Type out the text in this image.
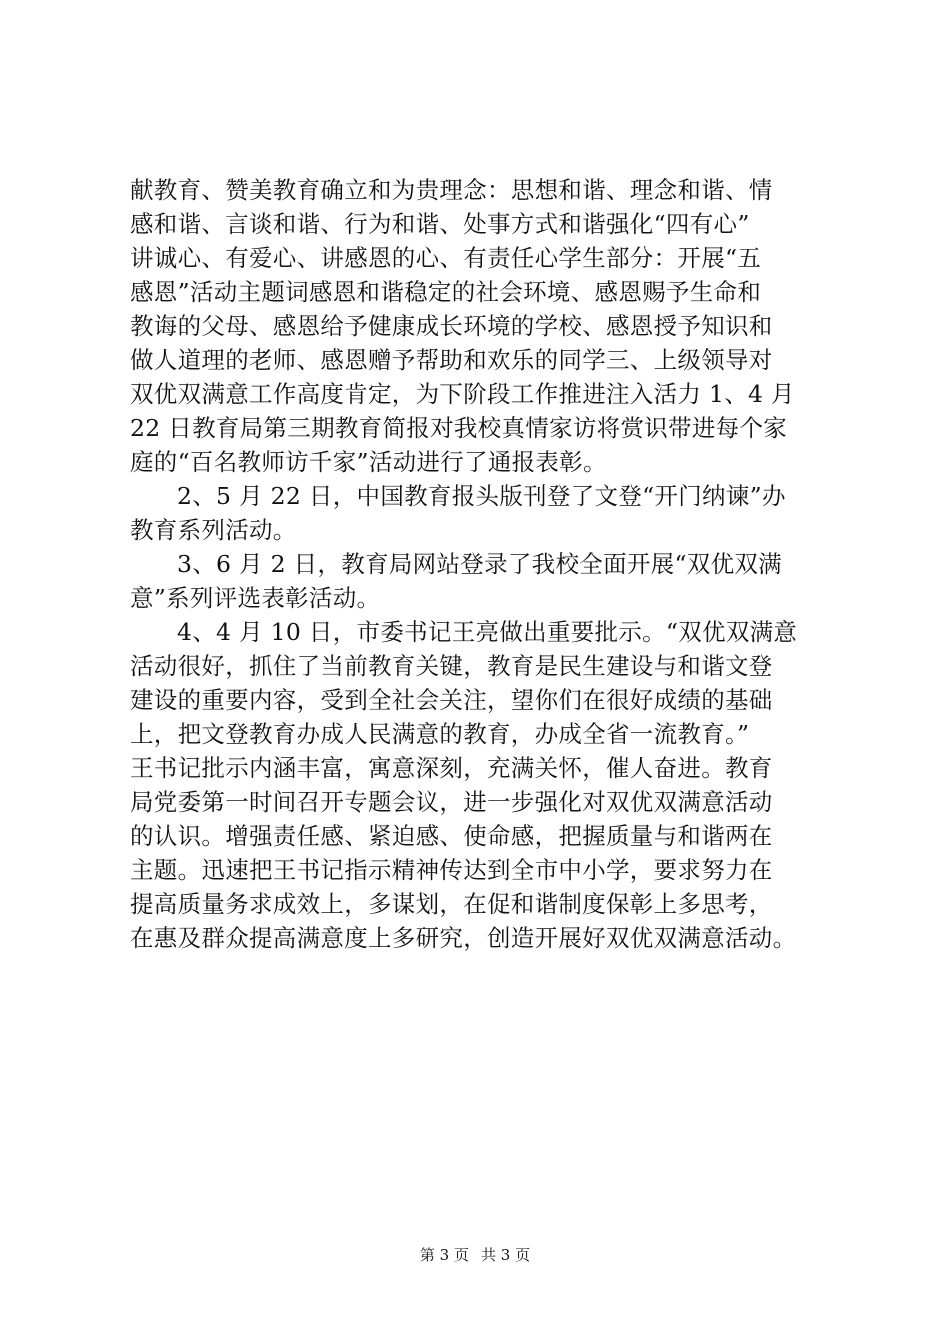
献教育、赞美教育确立和为贵理念：思想和谐、理念和谐、情
感和谐、言谈和谐、行为和谐、处事方式和谐强化“四有心”
讲诚心、有爱心、讲感恩的心、有责任心学生部分：开展“五
感恩”活动主题词感恩和谐稳定的社会环境、感恩赐予生命和
教诲的父母、感恩给予健康成长环境的学校、感恩授予知识和
做人道理的老师、感恩赠予帮助和欢乐的同学三、上级领导对
双优双满意工作高度肯定，为下阶段工作推进注入活力 1、4 月
22 日教育局第三期教育简报对我校真情家访将赏识带进每个家
庭的“百名教师访千家”活动进行了通报表彰。
2、5 月 22 日，中国教育报头版刊登了文登“开门纳谏”办
教育系列活动。
3、6 月 2 日，教育局网站登录了我校全面开展“双优双满
意”系列评选表彰活动。
4、4 月 10 日，市委书记王亮做出重要批示。“双优双满意
活动很好，抓住了当前教育关键，教育是民生建设与和谐文登
建设的重要内容，受到全社会关注，望你们在很好成绩的基础
上，把文登教育办成人民满意的教育，办成全省一流教育。”
王书记批示内涵丰富，寓意深刻，充满关怀，催人奋进。教育
局党委第一时间召开专题会议，进一步强化对双优双满意活动
的认识。增强责任感、紧迫感、使命感，把握质量与和谐两在
主题。迅速把王书记指示精神传达到全市中小学，要求努力在
提高质量务求成效上，多谋划，在促和谐制度保彰上多思考，
在惠及群众提高满意度上多研究，创造开展好双优双满意活动。
第 3 页 共 3 页
